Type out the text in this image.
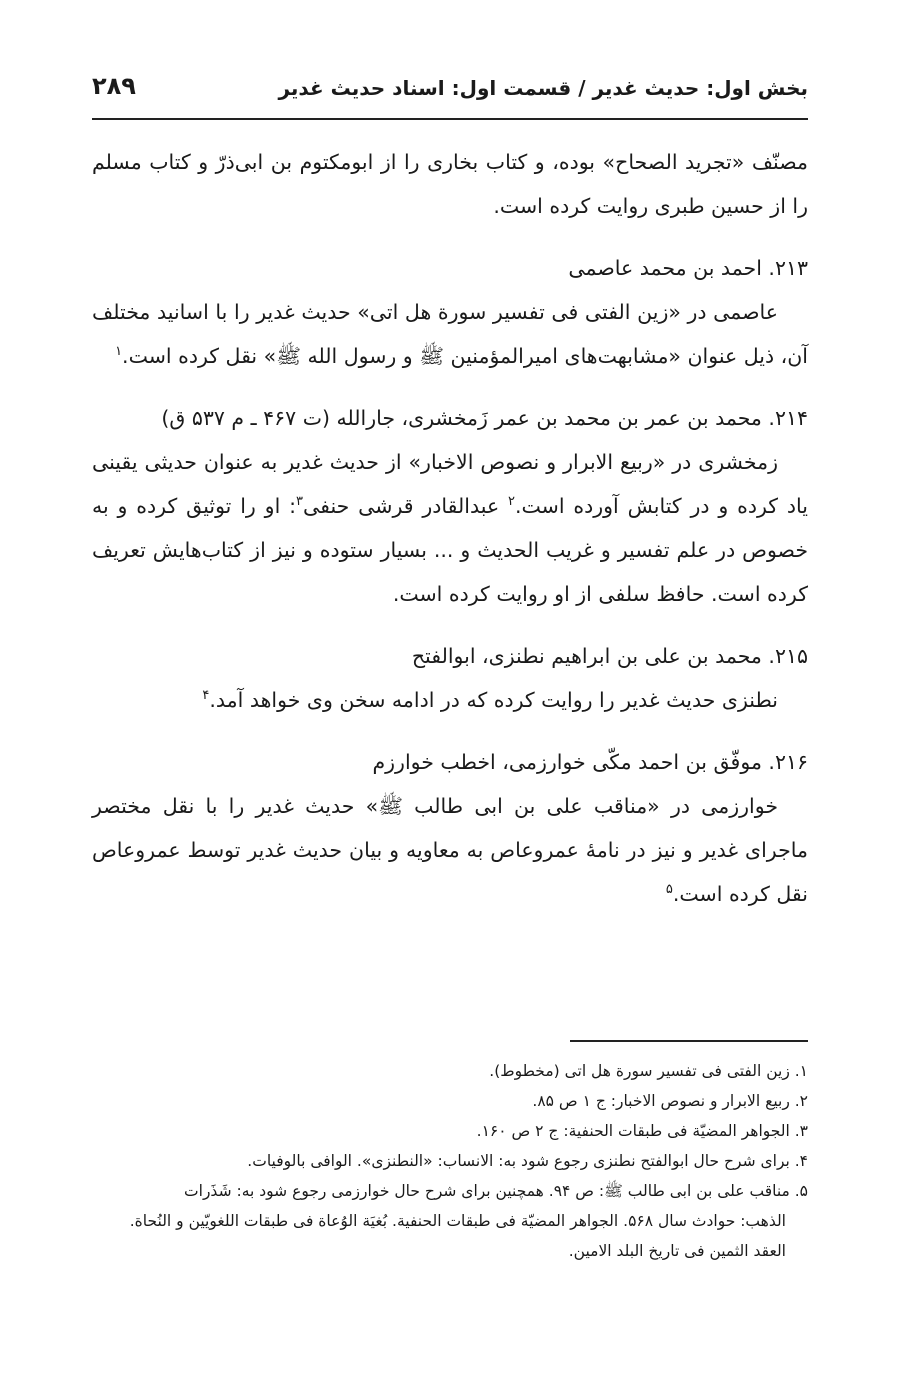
بخش اول: حدیث غدیر / قسمت اول: اسناد حدیث غدیر
۲۸۹

مصنّف «تجرید الصحاح» بوده، و کتاب بخاری را از ابومکتوم بن ابی‌ذرّ و کتاب مسلم را از حسین طبری روایت کرده است.

۲۱۳. احمد بن محمد عاصمی

عاصمی در «زین الفتی فی تفسیر سورة هل اتی» حدیث غدیر را با اسانید مختلف آن، ذیل عنوان «مشابهت‌های امیرالمؤمنین ﷺ و رسول الله ﷺ» نقل کرده است.$^۱$

۲۱۴. محمد بن عمر بن محمد بن عمر زَمخشری، جارالله (ت ۴۶۷ ـ م ۵۳۷ ق)

زمخشری در «ربیع الابرار و نصوص الاخبار» از حدیث غدیر به عنوان حدیثی یقینی یاد کرده و در کتابش آورده است.$^۲$ عبدالقادر قرشی حنفی$^۳$: او را توثیق کرده و به خصوص در علم تفسیر و غریب الحدیث و ... بسیار ستوده و نیز از کتاب‌هایش تعریف کرده است. حافظ سلفی از او روایت کرده است.

۲۱۵. محمد بن علی بن ابراهیم نطنزی، ابوالفتح

نطنزی حدیث غدیر را روایت کرده که در ادامه سخن وی خواهد آمد.$^۴$

۲۱۶. موفّق بن احمد مکّی خوارزمی، اخطب خوارزم

خوارزمی در «مناقب علی بن ابی طالب ﷺ» حدیث غدیر را با نقل مختصر ماجرای غدیر و نیز در نامهٔ عمروعاص به معاویه و بیان حدیث غدیر توسط عمروعاص نقل کرده است.$^۵$

۱. زین الفتی فی تفسیر سورة هل اتی (مخطوط).
۲. ربیع الابرار و نصوص الاخبار: ج ۱ ص ۸۵.
۳. الجواهر المضیّة فی طبقات الحنفیة: ج ۲ ص ۱۶۰.
۴. برای شرح حال ابوالفتح نطنزی رجوع شود به: الانساب: «النطنزی». الوافی بالوفیات.
۵. مناقب علی بن ابی طالب ﷺ: ص ۹۴. همچنین برای شرح حال خوارزمی رجوع شود به: شَذَرات
الذهب: حوادث سال ۵۶۸. الجواهر المضیّة فی طبقات الحنفیة. بُغیَة الوُعاة فی طبقات اللغویّین و النُحاة.
العقد الثمین فی تاریخ البلد الامین.
